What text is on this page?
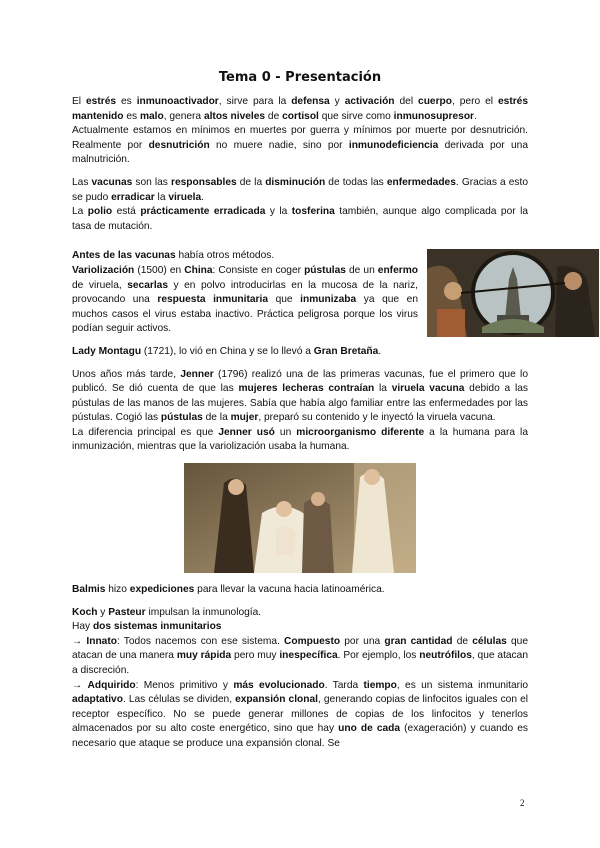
Tema 0 - Presentación

El estrés es inmunoactivador, sirve para la defensa y activación del cuerpo, pero el estrés mantenido es malo, genera altos niveles de cortisol que sirve como inmunosupresor.

Actualmente estamos en mínimos en muertes por guerra y mínimos por muerte por desnutrición. Realmente por desnutrición no muere nadie, sino por inmunodeficiencia derivada por una malnutrición.

Las vacunas son las responsables de la disminución de todas las enfermedades. Gracias a esto se pudo erradicar la viruela.

La polio está prácticamente erradicada y la tosferina también, aunque algo complicada por la tasa de mutación.

Antes de las vacunas había otros métodos.

Variolización (1500) en China: Consiste en coger pústulas de un enfermo de viruela, secarlas y en polvo introducirlas en la mucosa de la nariz, provocando una respuesta inmunitaria que inmunizaba ya que en muchos casos el virus estaba inactivo. Práctica peligrosa porque los virus podían seguir activos.

Lady Montagu (1721), lo vió en China y se lo llevó a Gran Bretaña.

Unos años más tarde, Jenner (1796) realizó una de las primeras vacunas, fue el primero que lo publicó. Se dió cuenta de que las mujeres lecheras contraían la viruela vacuna debido a las pústulas de las manos de las mujeres. Sabía que había algo familiar entre las enfermedades por las pústulas. Cogió las pústulas de la mujer, preparó su contenido y le inyectó la viruela vacuna.

La diferencia principal es que Jenner usó un microorganismo diferente a la humana para la inmunización, mientras que la variolización usaba la humana.

Balmis hizo expediciones para llevar la vacuna hacia latinoamérica.

Koch y Pasteur impulsan la inmunología.

Hay dos sistemas inmunitarios

→ Innato: Todos nacemos con ese sistema. Compuesto por una gran cantidad de células que atacan de una manera muy rápida pero muy inespecífica. Por ejemplo, los neutrófilos, que atacan a discreción.

→ Adquirido: Menos primitivo y más evolucionado. Tarda tiempo, es un sistema inmunitario adaptativo. Las células se dividen, expansión clonal, generando copias de linfocitos iguales con el receptor específico. No se puede generar millones de copias de los linfocitos y tenerlos almacenados por su alto coste energético, sino que hay uno de cada (exageración) y cuando es necesario que ataque se produce una expansión clonal. Se

2
